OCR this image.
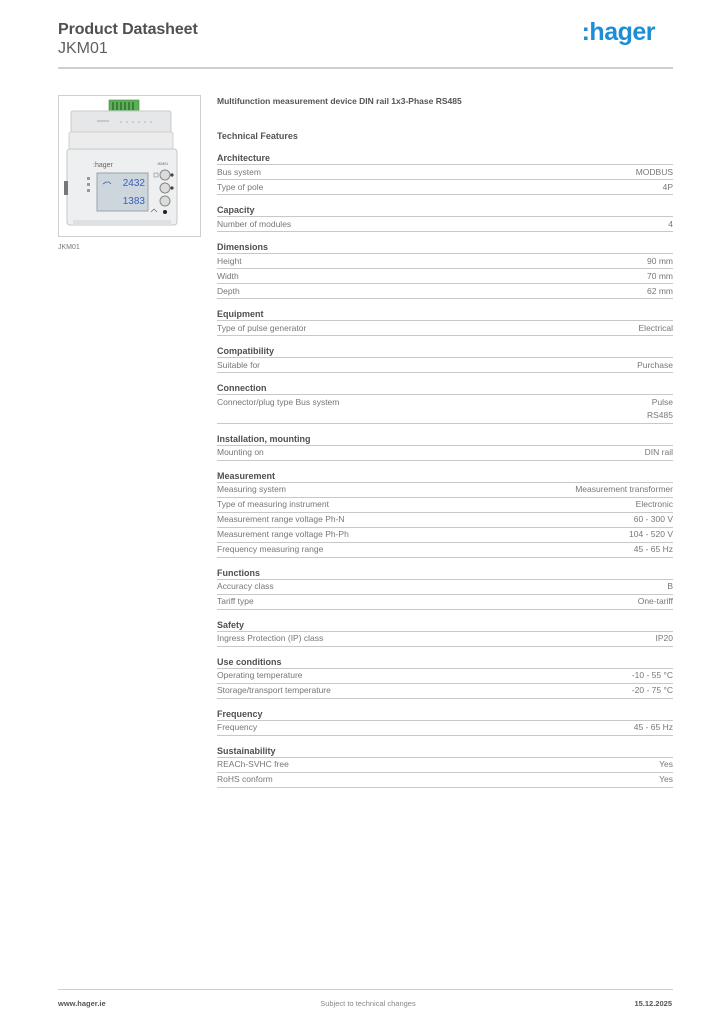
Product Datasheet
JKM01
:hager
:hager	JKM01
2432
1383
JKM01
Multifunction measurement device DIN rail 1x3-Phase RS485
Technical Features
Architecture
Bus system	MODBUS
Type of pole	4P
Capacity
Number of modules	4
Dimensions
Height	90 mm
Width	70 mm
Depth	62 mm
Equipment
Type of pulse generator	Electrical
Compatibility
Suitable for	Purchase
Connection
Connector/plug type Bus system	Pulse
RS485
Installation, mounting
Mounting on	DIN rail
Measurement
Measuring system	Measurement transformer
Type of measuring instrument	Electronic
Measurement range voltage Ph-N	60 - 300 V
Measurement range voltage Ph-Ph	104 - 520 V
Frequency measuring range	45 - 65 Hz
Functions
Accuracy class	B
Tariff type	One-tariff
Safety
Ingress Protection (IP) class	IP20
Use conditions
Operating temperature	-10 - 55 °C
Storage/transport temperature	-20 - 75 °C
Frequency
Frequency	45 - 65 Hz
Sustainability
REACh-SVHC free	Yes
RoHS conform	Yes
Subject to technical changes
www.hager.ie	15.12.2025
